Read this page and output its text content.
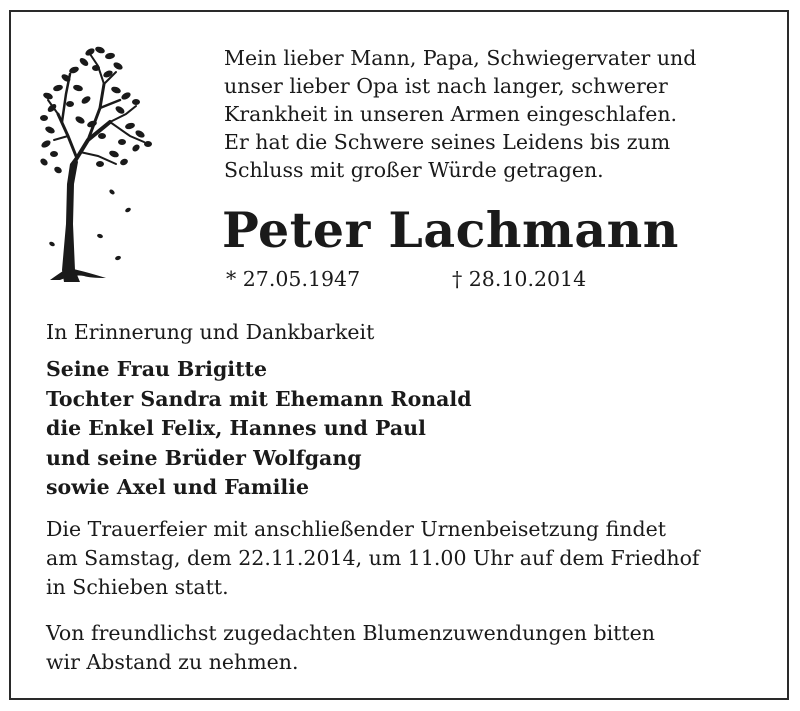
Mein lieber Mann, Papa, Schwiegervater und
unser lieber Opa ist nach langer, schwerer
Krankheit in unseren Armen eingeschlafen.
Er hat die Schwere seines Leidens bis zum
Schluss mit großer Würde getragen.
Peter Lachmann
* 27.05.1947	† 28.10.2014
In Erinnerung und Dankbarkeit
Seine Frau Brigitte
Tochter Sandra mit Ehemann Ronald
die Enkel Felix, Hannes und Paul
und seine Brüder Wolfgang
sowie Axel und Familie
Die Trauerfeier mit anschließender Urnenbeisetzung findet
am Samstag, dem 22.11.2014, um 11.00 Uhr auf dem Friedhof
in Schieben statt.
Von freundlichst zugedachten Blumenzuwendungen bitten
wir Abstand zu nehmen.
